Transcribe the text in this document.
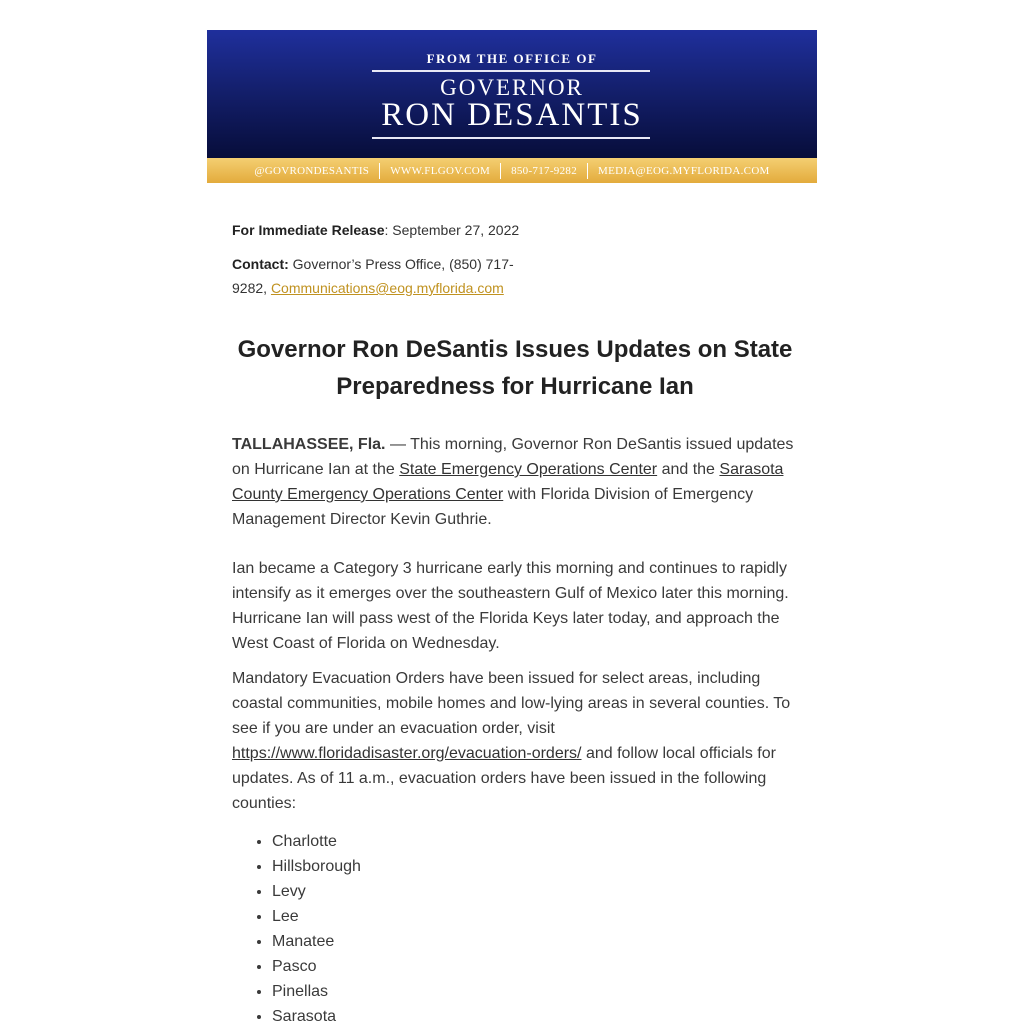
FROM THE OFFICE OF
GOVERNOR
RON DESANTIS
@GOVRONDESANTIS WWW.FLGOV.COM 850-717-9282 MEDIA@EOG.MYFLORIDA.COM

For Immediate Release: September 27, 2022

Contact: Governor’s Press Office, (850) 717-9282, Communications@eog.myflorida.com

Governor Ron DeSantis Issues Updates on State Preparedness for Hurricane Ian

TALLAHASSEE, Fla. — This morning, Governor Ron DeSantis issued updates on Hurricane Ian at the State Emergency Operations Center and the Sarasota County Emergency Operations Center with Florida Division of Emergency Management Director Kevin Guthrie.

Ian became a Category 3 hurricane early this morning and continues to rapidly intensify as it emerges over the southeastern Gulf of Mexico later this morning. Hurricane Ian will pass west of the Florida Keys later today, and approach the West Coast of Florida on Wednesday.

Mandatory Evacuation Orders have been issued for select areas, including coastal communities, mobile homes and low-lying areas in several counties. To see if you are under an evacuation order, visit https://www.floridadisaster.org/evacuation-orders/ and follow local officials for updates. As of 11 a.m., evacuation orders have been issued in the following counties:

• Charlotte
• Hillsborough
• Levy
• Lee
• Manatee
• Pasco
• Pinellas
• Sarasota
